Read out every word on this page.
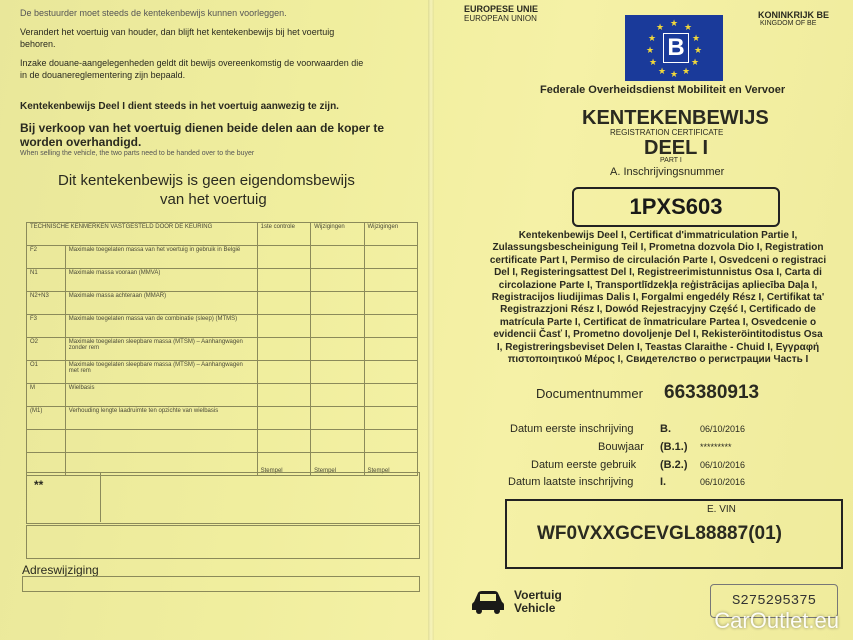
De bestuurder moet steeds de kentekenbewijs kunnen voorleggen.
Verandert het voertuig van houder, dan blijft het kentekenbewijs bij het voertuig
behoren.
Inzake douane-aangelegenheden geldt dit bewijs overeenkomstig de voorwaarden die
in de douanereglementering zijn bepaald.
Kentekenbewijs Deel I dient steeds in het voertuig aanwezig te zijn.
Bij verkoop van het voertuig dienen beide delen aan de koper te
worden overhandigd.
When selling the vehicle, the two parts need to be handed over to the buyer
Dit kentekenbewijs is geen eigendomsbewijs
van het voertuig
TECHNISCHE KENMERKEN VASTGESTELD DOOR DE KEURING		1ste controle	Wijzigingen	Wijzigingen
F2	Maximale toegelaten massa van het voertuig in gebruik in België			
N1	Maximale massa vooraan (MMVA)			
N2+N3	Maximale massa achteraan (MMAR)			
F3	Maximale toegelaten massa van de combinatie (sleep) (MTMS)			
O2	Maximale toegelaten sleepbare massa (MTSM) – Aanhangwagen zonder rem			
O1	Maximale toegelaten sleepbare massa (MTSM) – Aanhangwagen met rem			
M	Wielbasis			
(M1)	Verhouding lengte laadruimte ten opzichte van wielbasis			

		Stempel	Stempel	Stempel
**
Adreswijziging
EUROPESE UNIE
EUROPEAN UNION	KONINKRIJK BE
KINGDOM OF BE
★ ★
★
★
★
★
★
★
★
★
★
★
B
Federale Overheidsdienst Mobiliteit en Vervoer
KENTEKENBEWIJS
REGISTRATION CERTIFICATE
DEEL I
PART I
A. Inschrijvingsnummer
1PXS603
Kentekenbewijs Deel I, Certificat d'immatriculation Partie I,
Zulassungsbescheinigung Teil I, Prometna dozvola Dio I, Registration
certificate Part I, Permiso de circulación Parte I, Osvedceni o registraci
Del I, Registeringsattest Del I, Registreerimistunnistus Osa I, Carta di
circolazione Parte I, Transportlīdzekļa reģistrācijas apliecība Daļa I,
Registracijos liudijimas Dalis I, Forgalmi engedély Rész I, Certifikat ta'
Registrazzjoni Rész I, Dowód Rejestracyjny Część I, Certificado de
matrícula Parte I, Certificat de înmatriculare Partea I, Osvedcenie o
evidencii Časť I, Prometno dovoljenje Del I, Rekisteröintitodistus Osa
I, Registreringsbeviset Delen I, Teastas Claraithe - Chuid I, Εγγραφή
πιστοποιητικού Μέρος I, Свидетелство о регистрации Часть I
Documentnummer 663380913
Datum eerste inschrijving B.	06/10/2016
Bouwjaar (B.1.) *********
Datum eerste gebruik (B.2.) 06/10/2016
Datum laatste inschrijving I.	06/10/2016
E. VIN
WF0VXXGCEVGL88887(01)
Voertuig
Vehicle	S275295375
CarOutlet.eu
